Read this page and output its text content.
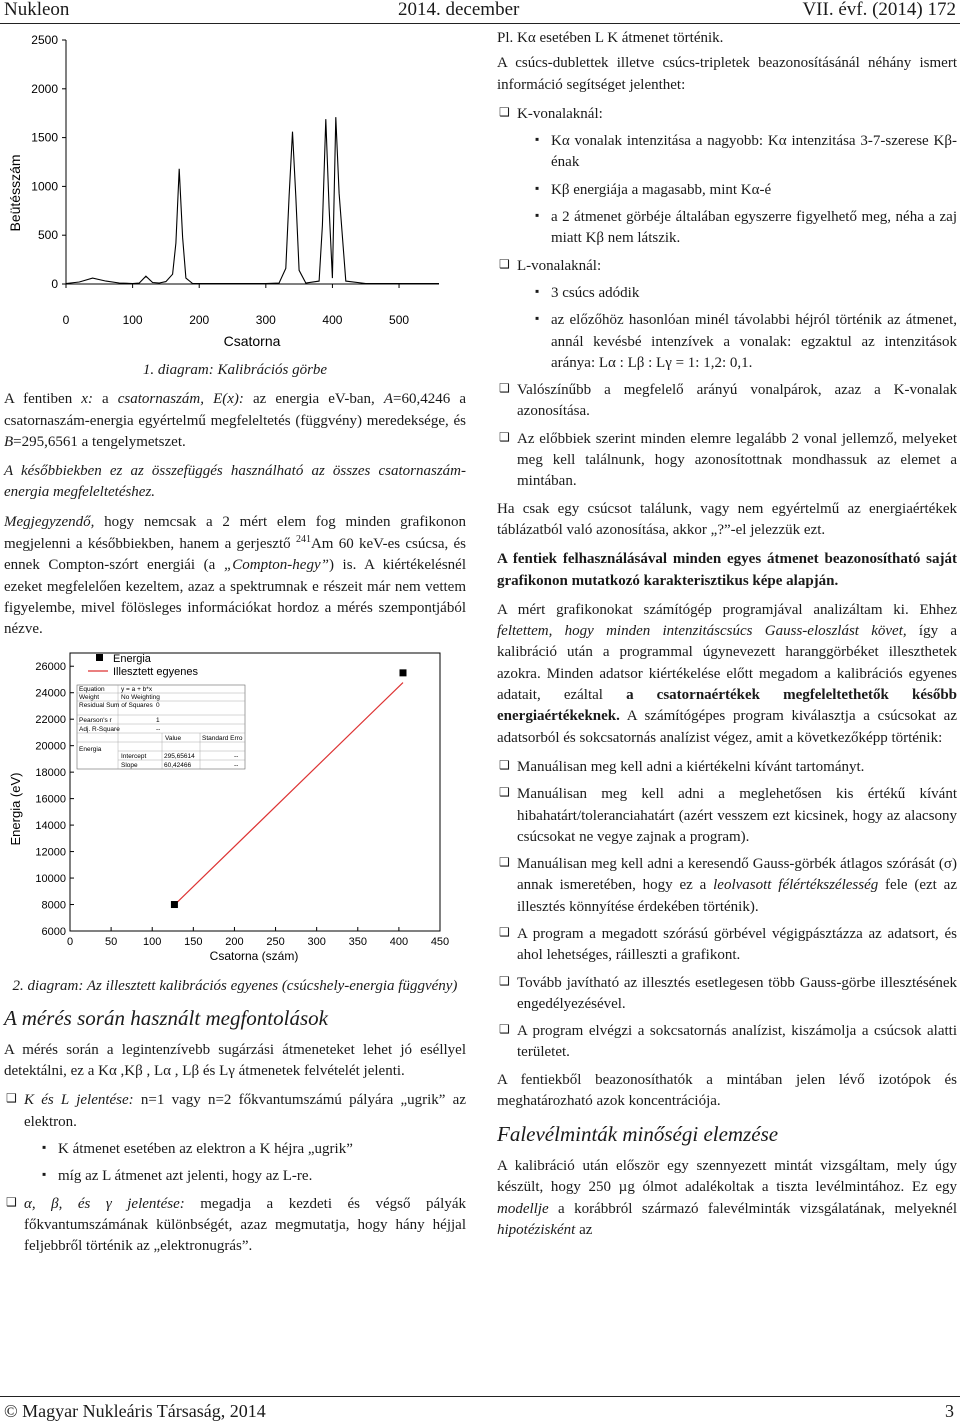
Nukleon	2014. december	VII. évf. (2014) 172
Beütésszám
0
500
1000
1500
2000
2500
0	100	200	300	400	500
Csatorna
1. diagram: Kalibrációs görbe

A fentiben x: a csatornaszám, E(x): az energia eV-ban, A=60,4246 a csatornaszám-energia egyértelmű megfeleltetés (függvény) meredeksége, és B=295,6561 a tengelymetszet.

A későbbiekben ez az összefüggés használható az összes csatornaszám-energia megfeleltetéshez.

Megjegyzendő, hogy nemcsak a 2 mért elem fog minden grafikonon megjelenni a későbbiekben, hanem a gerjesztő $^{241}$Am 60 keV-es csúcsa, és ennek Compton-szórt energiái (a „Compton-hegy”) is. A kiértékelésnél ezeket megfelelően kezeltem, azaz a spektrumnak e részeit már nem vettem figyelembe, mivel fölösleges információkat hordoz a mérés szempontjából nézve.

Energia (eV)
6000
8000
10000
12000
14000
16000
18000
20000
22000
24000
26000
0	50 100 150 200 250 300 350 400 450
Energia
Illesztett egyenes
Equation	y = a + b*x
Weight	No Weighting
Residual Sum of Squares 0
Pearson's r	1
Adj. R-Square	--
Value	Standard Erro
Energia
Intercept	295,65614	--
Slope	60,42466	--
Csatorna (szám)
2. diagram: Az illesztett kalibrációs egyenes (csúcshely-energia függvény)
A mérés során használt megfontolások

A mérés során a legintenzívebb sugárzási átmeneteket lehet jó eséllyel detektálni, ez a Kα ,Kβ , Lα , Lβ és Lγ átmenetek felvételét jelenti.

❑ K és L jelentése: n=1 vagy n=2 főkvantumszámú pályára „ugrik” az elektron.
▪ K átmenet esetében az elektron a K héjra „ugrik”
▪ míg az L átmenet azt jelenti, hogy az L-re.
❑ α, β, és γ jelentése: megadja a kezdeti és végső pályák főkvantumszámának különbségét, azaz megmutatja, hogy hány héjjal feljebbről történik az „elektronugrás”.

Pl. Kα esetében L K átmenet történik.

A csúcs-dublettek illetve csúcs-tripletek beazonosításánál néhány ismert információ segítséget jelenthet:

❑ K-vonalaknál:
▪ Kα vonalak intenzitása a nagyobb: Kα intenzitása 3-7-szerese Kβ-énak
▪ Kβ energiája a magasabb, mint Kα-é
▪ a 2 átmenet görbéje általában egyszerre figyelhető meg, néha a zaj miatt Kβ nem látszik.
❑ L-vonalaknál:
▪ 3 csúcs adódik
▪ az előzőhöz hasonlóan minél távolabbi héjról történik az átmenet, annál kevésbé intenzívek a vonalak: egzaktul az intenzitások aránya: Lα : Lβ : Lγ = 1: 1,2: 0,1.
❑ Valószínűbb a megfelelő arányú vonalpárok, azaz a K-vonalak azonosítása.
❑ Az előbbiek szerint minden elemre legalább 2 vonal jellemző, melyeket meg kell találnunk, hogy azonosítottnak mondhassuk az elemet a mintában.

Ha csak egy csúcsot találunk, vagy nem egyértelmű az energiaértékek táblázatból való azonosítása, akkor „?”-el jelezzük ezt.

A fentiek felhasználásával minden egyes átmenet beazonosítható saját grafikonon mutatkozó karakterisztikus képe alapján.

A mért grafikonokat számítógép programjával analizáltam ki. Ehhez feltettem, hogy minden intenzitáscsúcs Gauss-eloszlást követ, így a kalibráció után a programmal úgynevezett haranggörbéket illeszthetek azokra. Minden adatsor kiértékelése előtt megadom a kalibrációs egyenes adatait, ezáltal a csatornaértékek megfeleltethetők később energiaértékeknek. A számítógépes program kiválasztja a csúcsokat az adatsorból és sokcsatornás analízist végez, amit a következőképp történik:

❑ Manuálisan meg kell adni a kiértékelni kívánt tartományt.
❑ Manuálisan meg kell adni a meglehetősen kis értékű kívánt hibahatárt/toleranciahatárt (azért vesszem ezt kicsinek, hogy az alacsony csúcsokat ne vegye zajnak a program).
❑ Manuálisan meg kell adni a keresendő Gauss-görbék átlagos szórását (σ) annak ismeretében, hogy ez a leolvasott félértékszélesség fele (ezt az illesztés könnyítése érdekében történik).
❑ A program a megadott szórású görbével végigpásztázza az adatsort, és ahol lehetséges, ráilleszti a grafikont.
❑ Tovább javítható az illesztés esetlegesen több Gauss-görbe illesztésének engedélyezésével.
❑ A program elvégzi a sokcsatornás analízist, kiszámolja a csúcsok alatti területet.

A fentiekből beazonosíthatók a mintában jelen lévő izotópok és meghatározható azok koncentrációja.

Falevélminták minőségi elemzése

A kalibráció után először egy szennyezett mintát vizsgáltam, mely úgy készült, hogy 250 µg ólmot adalékoltak a tiszta levélmintához. Ez egy modellje a korábbról származó falevélminták vizsgálatának, melyeknél hipotézisként az

© Magyar Nukleáris Társaság, 2014	3
